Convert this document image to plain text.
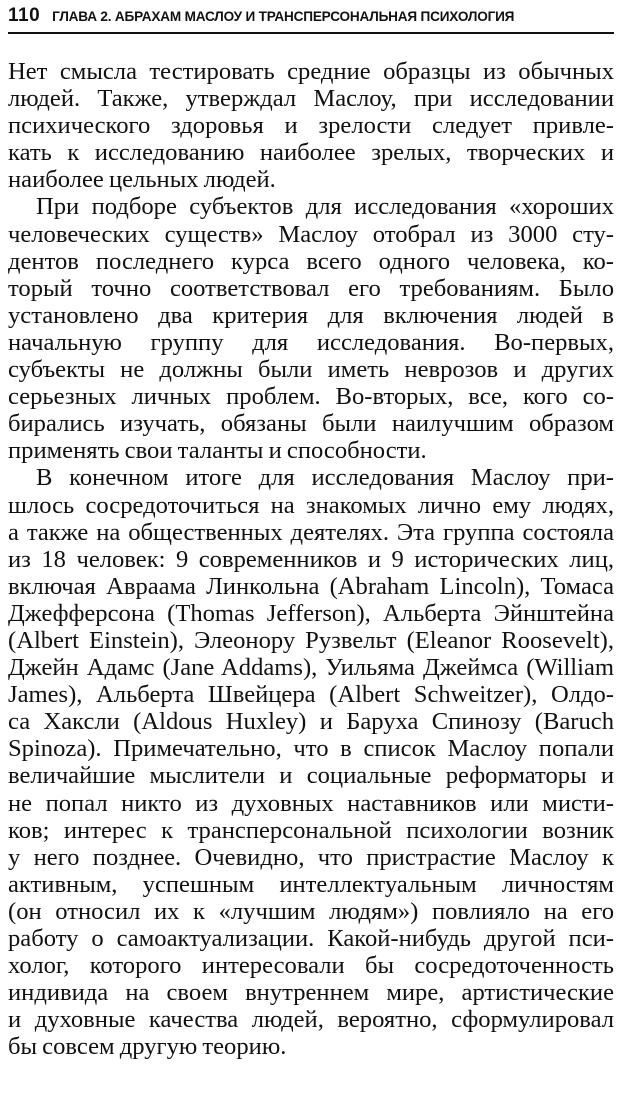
110 ГЛАВА 2. АБРАХАМ МАСЛОУ И ТРАНСПЕРСОНАЛЬНАЯ ПСИХОЛОГИЯ
Нет смысла тестировать средние образцы из обычных
людей. Также, утверждал Маслоу, при исследовании
психического здоровья и зрелости следует привле-
кать к исследованию наиболее зрелых, творческих и
наиболее цельных людей.
При подборе субъектов для исследования «хороших
человеческих существ» Маслоу отобрал из 3000 сту-
дентов последнего курса всего одного человека, ко-
торый точно соответствовал его требованиям. Было
установлено два критерия для включения людей в
начальную группу для исследования. Во-первых,
субъекты не должны были иметь неврозов и других
серьезных личных проблем. Во-вторых, все, кого со-
бирались изучать, обязаны были наилучшим образом
применять свои таланты и способности.
В конечном итоге для исследования Маслоу при-
шлось сосредоточиться на знакомых лично ему людях,
а также на общественных деятелях. Эта группа состояла
из 18 человек: 9 современников и 9 исторических лиц,
включая Авраама Линкольна (Abraham Lincoln), Томаса
Джефферсона (Thomas Jefferson), Альберта Эйнштейна
(Albert Einstein), Элеонору Рузвельт (Eleanor Roosevelt),
Джейн Адамс (Jane Addams), Уильяма Джеймса (William
James), Альберта Швейцера (Albert Schweitzer), Олдо-
са Хаксли (Aldous Huxley) и Баруха Спинозу (Baruch
Spinoza). Примечательно, что в список Маслоу попали
величайшие мыслители и социальные реформаторы и
не попал никто из духовных наставников или мисти-
ков; интерес к трансперсональной психологии возник
у него позднее. Очевидно, что пристрастие Маслоу к
активным, успешным интеллектуальным личностям
(он относил их к «лучшим людям») повлияло на его
работу о самоактуализации. Какой-нибудь другой пси-
холог, которого интересовали бы сосредоточенность
индивида на своем внутреннем мире, артистические
и духовные качества людей, вероятно, сформулировал
бы совсем другую теорию.
